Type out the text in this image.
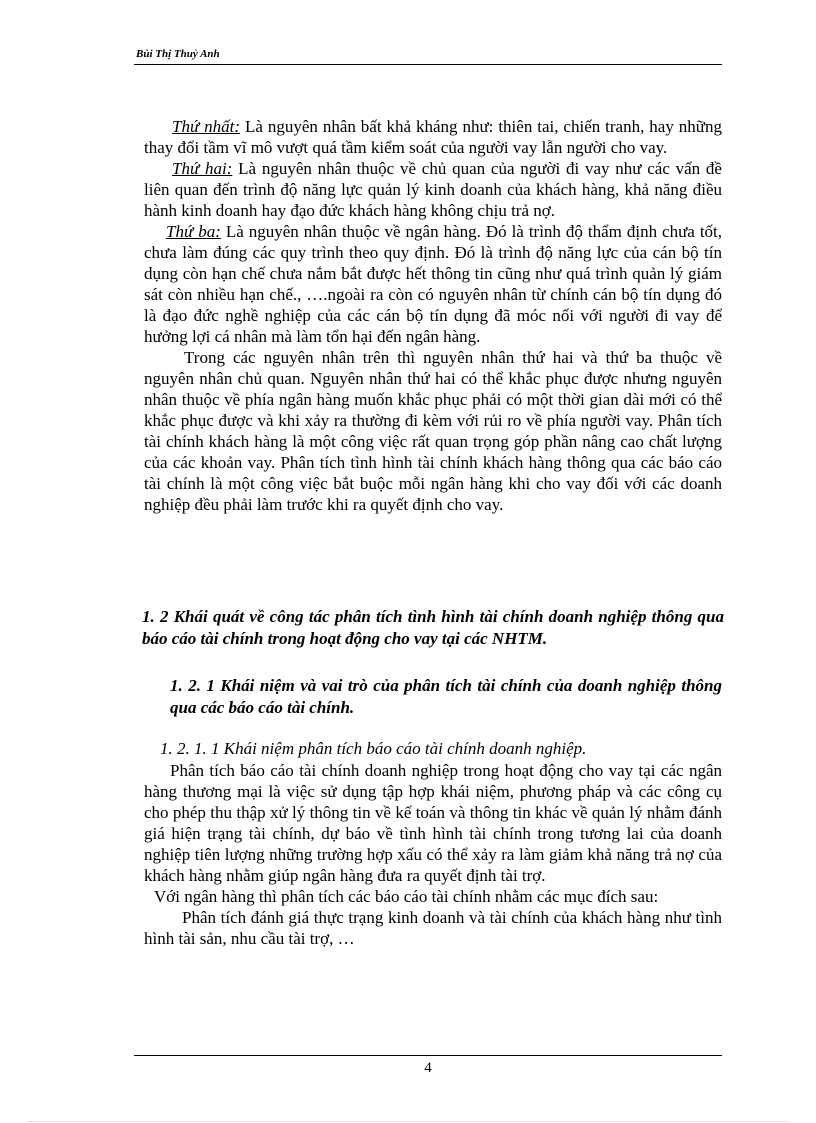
Bùi Thị Thuỷ Anh

Thứ nhất: Là nguyên nhân bất khả kháng như: thiên tai, chiến tranh, hay những thay đổi tầm vĩ mô vượt quá tầm kiểm soát của người vay lẫn người cho vay.

Thứ hai: Là nguyên nhân thuộc về chủ quan của người đi vay như các vấn đề liên quan đến trình độ năng lực quản lý kinh doanh của khách hàng, khả năng điều hành kinh doanh hay đạo đức khách hàng không chịu trả nợ.

Thứ ba: Là nguyên nhân thuộc về ngân hàng. Đó là trình độ thẩm định chưa tốt, chưa làm đúng các quy trình theo quy định. Đó là trình độ năng lực của cán bộ tín dụng còn hạn chế chưa nắm bắt được hết thông tin cũng như quá trình quản lý giám sát còn nhiều hạn chế., ….ngoài ra còn có nguyên nhân từ chính cán bộ tín dụng đó là đạo đức nghề nghiệp của các cán bộ tín dụng đã móc nối với người đi vay để hưởng lợi cá nhân mà làm tổn hại đến ngân hàng.

Trong các nguyên nhân trên thì nguyên nhân thứ hai và thứ ba thuộc về nguyên nhân chủ quan. Nguyên nhân thứ hai có thể khắc phục được nhưng nguyên nhân thuộc về phía ngân hàng muốn khắc phục phải có một thời gian dài mới có thể khắc phục được và khi xảy ra thường đi kèm với rủi ro về phía người vay. Phân tích tài chính khách hàng là một công việc rất quan trọng góp phần nâng cao chất lượng của các khoản vay. Phân tích tình hình tài chính khách hàng thông qua các báo cáo tài chính là một công việc bắt buộc mỗi ngân hàng khi cho vay đối với các doanh nghiệp đều phải làm trước khi ra quyết định cho vay.

1. 2 Khái quát về công tác phân tích tình hình tài chính doanh nghiệp thông qua báo cáo tài chính trong hoạt động cho vay tại các NHTM.
1. 2. 1 Khái niệm và vai trò của phân tích tài chính của doanh nghiệp thông qua các báo cáo tài chính.
1. 2. 1. 1 Khái niệm phân tích báo cáo tài chính doanh nghiệp.

Phân tích báo cáo tài chính doanh nghiệp trong hoạt động cho vay tại các ngân hàng thương mại là việc sử dụng tập hợp khái niệm, phương pháp và các công cụ cho phép thu thập xử lý thông tin về kế toán và thông tin khác về quản lý nhằm đánh giá hiện trạng tài chính, dự báo về tình hình tài chính trong tương lai của doanh nghiệp tiên lượng những trường hợp xấu có thể xảy ra làm giảm khả năng trả nợ của khách hàng nhằm giúp ngân hàng đưa ra quyết định tài trợ.

Với ngân hàng thì phân tích các báo cáo tài chính nhằm các mục đích sau:

Phân tích đánh giá thực trạng kinh doanh và tài chính của khách hàng như tình hình tài sản, nhu cầu tài trợ, …

4
